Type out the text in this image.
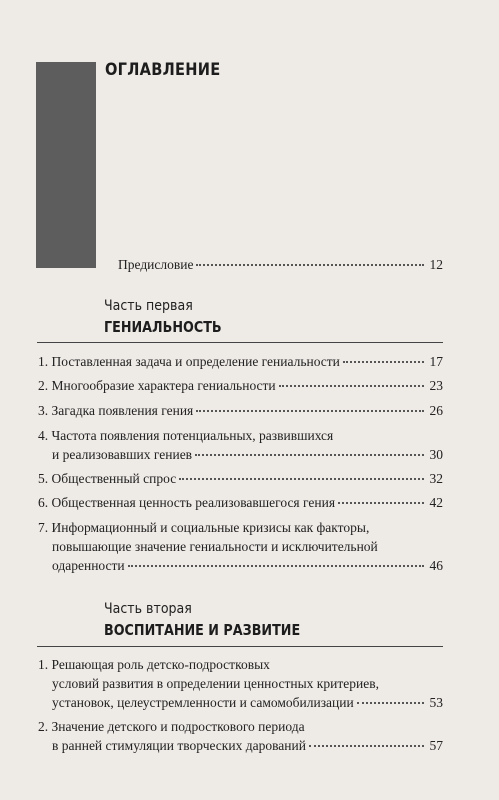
ОГЛАВЛЕНИЕ
Предисловие	12
Часть первая
ГЕНИАЛЬНОСТЬ
1. Поставленная задача и определение гениальности	17
2. Многообразие характера гениальности	23
3. Загадка появления гения	26
4. Частота появления потенциальных, развившихся
и реализовавших гениев	30
5. Общественный спрос	32
6. Общественная ценность реализовавшегося гения	42
7. Информационный и социальные кризисы как факторы,
повышающие значение гениальности и исключительной
одаренности	46
Часть вторая
ВОСПИТАНИЕ И РАЗВИТИЕ
1. Решающая роль детско-подростковых
условий развития в определении ценностных критериев,
установок, целеустремленности и самомобилизации	53
2. Значение детского и подросткового периода
в ранней стимуляции творческих дарований	57
